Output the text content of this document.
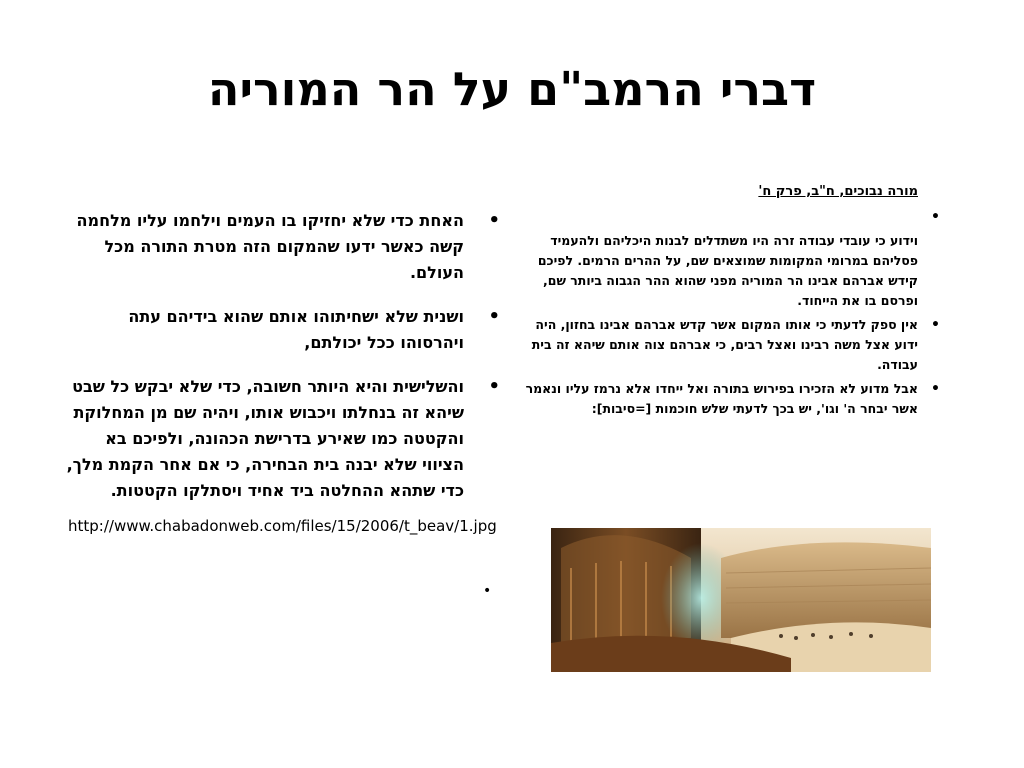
דברי הרמב"ם על הר המוריה
מורה נבוכים, ח"ב, פרק ח'
•
וידוע כי עובדי עבודה זרה היו משתדלים לבנות היכליהם ולהעמיד פסליהם במרומי המקומות שמוצאים שם, על ההרים הרמים. לפיכם קידש אברהם אבינו הר המוריה מפני שהוא ההר הגבוה ביותר שם, ופרסם בו את הייחוד.
•
אין ספק לדעתי כי אותו המקום אשר קדש אברהם אבינו בחזון, היה ידוע אצל משה רבינו ואצל רבים, כי אברהם צוה אותם שיהא זה בית עבודה.
•
אבל מדוע לא הזכירו בפירוש בתורה ואל ייחדו אלא נרמז עליו ונאמר אשר יבחר ה' וגו', יש בכך לדעתי שלש חוכמות [=סיבות]:
•
האחת כדי שלא יחזיקו בו העמים וילחמו עליו מלחמה קשה כאשר ידעו שהמקום הזה מטרת התורה מכל העולם.
•
ושנית שלא ישחיתוהו אותם שהוא בידיהם עתה ויהרסוהו ככל יכולתם,
•
והשלישית והיא היותר חשובה, כדי שלא יבקש כל שבט שיהא זה בנחלתו ויכבוש אותו, ויהיה שם מן המחלוקת והקטטה כמו שאירע בדרישת הכהונה, ולפיכם בא הציווי שלא יבנה בית הבחירה, כי אם אחר הקמת מלך, כדי שתהא ההחלטה ביד אחיד ויסתלקו הקטטות.
http://www.chabadonweb.com/files/15/2006/t_beav/1.jpg
•
